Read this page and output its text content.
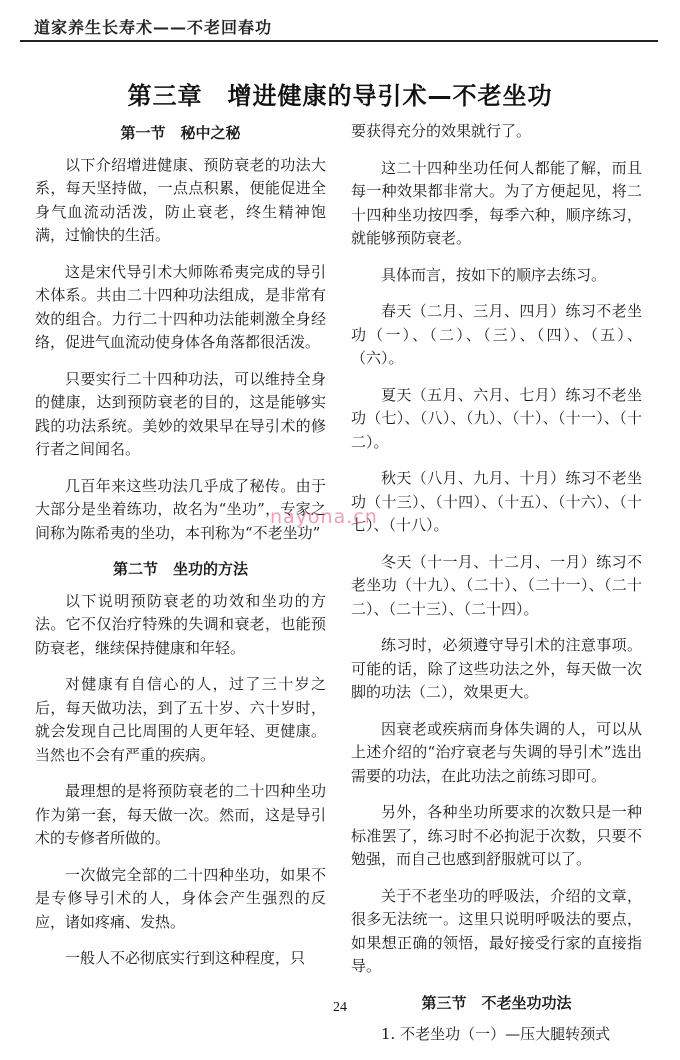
道家养生长寿术——不老回春功
第三章　增进健康的导引术—不老坐功
第一节　秘中之秘

以下介绍增进健康、预防衰老的功法大系，每天坚持做，一点点积累，便能促进全身气血流动活泼，防止衰老，终生精神饱满，过愉快的生活。

这是宋代导引术大师陈希夷完成的导引术体系。共由二十四种功法组成，是非常有效的组合。力行二十四种功法能刺激全身经络，促进气血流动使身体各角落都很活泼。

只要实行二十四种功法，可以维持全身的健康，达到预防衰老的目的，这是能够实践的功法系统。美妙的效果早在导引术的修行者之间闻名。

几百年来这些功法几乎成了秘传。由于大部分是坐着练功，故名为“坐功”，专家之间称为陈希夷的坐功，本刊称为“不老坐功”

第二节　坐功的方法

以下说明预防衰老的功效和坐功的方法。它不仅治疗特殊的失调和衰老，也能预防衰老，继续保持健康和年轻。

对健康有自信心的人，过了三十岁之后，每天做功法，到了五十岁、六十岁时，就会发现自己比周围的人更年轻、更健康。当然也不会有严重的疾病。

最理想的是将预防衰老的二十四种坐功作为第一套，每天做一次。然而，这是导引术的专修者所做的。

一次做完全部的二十四种坐功，如果不是专修导引术的人，身体会产生强烈的反应，诸如疼痛、发热。

一般人不必彻底实行到这种程度，只

要获得充分的效果就行了。

这二十四种坐功任何人都能了解，而且每一种效果都非常大。为了方便起见，将二十四种坐功按四季，每季六种，顺序练习，就能够预防衰老。

具体而言，按如下的顺序去练习。

春天（二月、三月、四月）练习不老坐功（一）、（二）、（三）、（四）、（五）、（六）。

夏天（五月、六月、七月）练习不老坐功（七）、（八）、（九）、（十）、（十一）、（十二）。

秋天（八月、九月、十月）练习不老坐功（十三）、（十四）、（十五）、（十六）、（十七）、（十八）。

冬天（十一月、十二月、一月）练习不老坐功（十九）、（二十）、（二十一）、（二十二）、（二十三）、（二十四）。

练习时，必须遵守导引术的注意事项。可能的话，除了这些功法之外，每天做一次脚的功法（二），效果更大。

因衰老或疾病而身体失调的人，可以从上述介绍的“治疗衰老与失调的导引术”选出需要的功法，在此功法之前练习即可。

另外，各种坐功所要求的次数只是一种标准罢了，练习时不必拘泥于次数，只要不勉强，而自己也感到舒服就可以了。

关于不老坐功的呼吸法，介绍的文章，很多无法统一。这里只说明呼吸法的要点，如果想正确的领悟，最好接受行家的直接指导。

第三节　不老坐功功法

1. 不老坐功（一）—压大腿转颈式

nayona.cn
24
